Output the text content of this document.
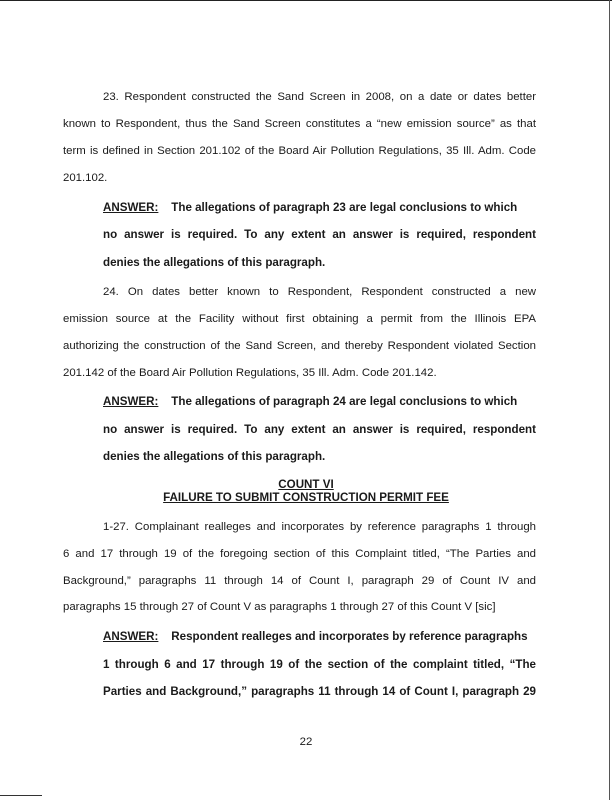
23. Respondent constructed the Sand Screen in 2008, on a date or dates better
known to Respondent, thus the Sand Screen constitutes a “new emission source” as that
term is defined in Section 201.102 of the Board Air Pollution Regulations, 35 Ill. Adm. Code
201.102.
ANSWER: The allegations of paragraph 23 are legal conclusions to which
no answer is required. To any extent an answer is required, respondent
denies the allegations of this paragraph.
24. On dates better known to Respondent, Respondent constructed a new
emission source at the Facility without first obtaining a permit from the Illinois EPA
authorizing the construction of the Sand Screen, and thereby Respondent violated Section
201.142 of the Board Air Pollution Regulations, 35 Ill. Adm. Code 201.142.
ANSWER: The allegations of paragraph 24 are legal conclusions to which
no answer is required. To any extent an answer is required, respondent
denies the allegations of this paragraph.
COUNT VI
FAILURE TO SUBMIT CONSTRUCTION PERMIT FEE
1-27. Complainant realleges and incorporates by reference paragraphs 1 through
6 and 17 through 19 of the foregoing section of this Complaint titled, “The Parties and
Background,” paragraphs 11 through 14 of Count I, paragraph 29 of Count IV and
paragraphs 15 through 27 of Count V as paragraphs 1 through 27 of this Count V [sic]
ANSWER: Respondent realleges and incorporates by reference paragraphs
1 through 6 and 17 through 19 of the section of the complaint titled, “The
Parties and Background,” paragraphs 11 through 14 of Count I, paragraph 29
22
